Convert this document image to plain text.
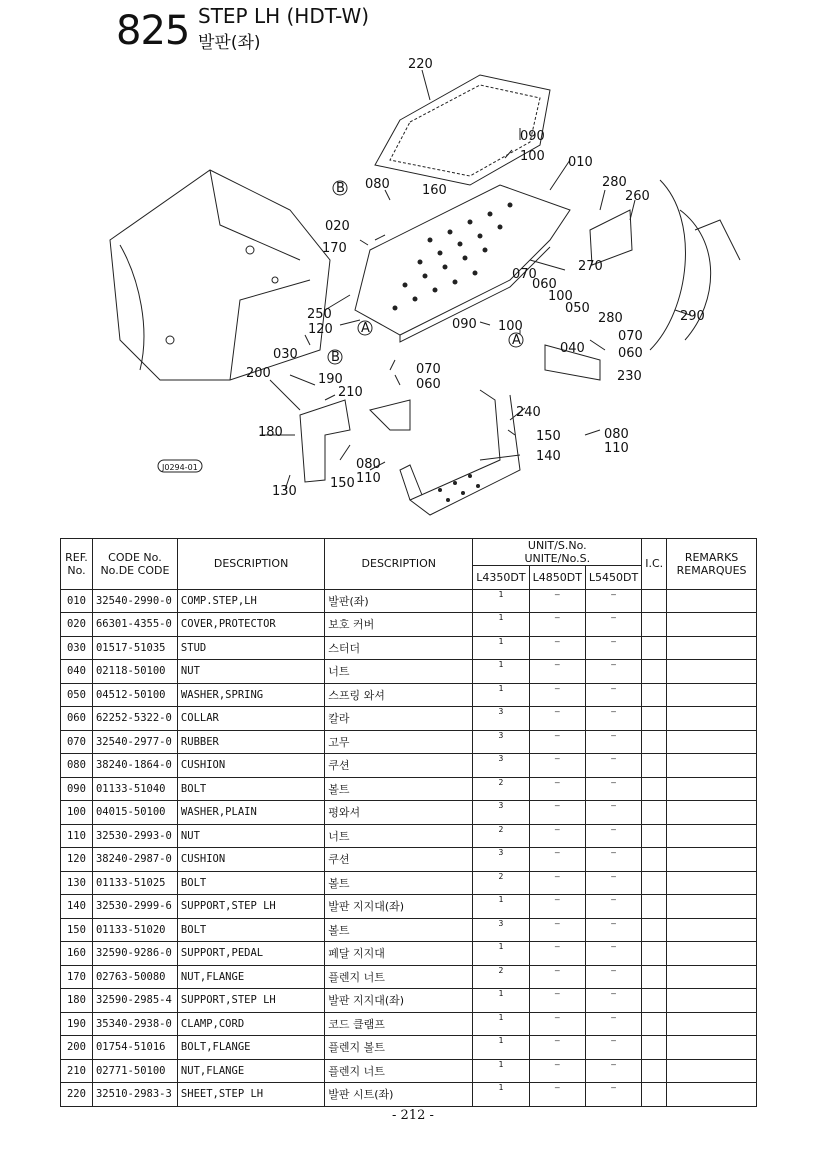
825 STEP LH (HDT-W)
발판(좌)
220
090
100 010
280
260
080 160
020
170
270
070
060
100
050
250
120	090 100
040
070
280
060
290
030
230
200	190
070
060
210
240
180	150	080
110
140
150
080
110
130
B
A
A
B
J0294-01
REF.
No.	CODE No.
No.DE CODE	DESCRIPTION	DESCRIPTION	UNIT/S.No.
UNITE/No.S.			I.C.	REMARKS
REMARQUES
				L4350DT	L4850DT	L5450DT		
010	32540-2990-0	COMP.STEP,LH	발판(좌)	1	—	—		
020	66301-4355-0	COVER,PROTECTOR	보호 커버	1	—	—		
030	01517-51035	STUD	스터더	1	—	—		
040	02118-50100	NUT	너트	1	—	—		
050	04512-50100	WASHER,SPRING	스프링 와셔	1	—	—		
060	62252-5322-0	COLLAR	칼라	3	—	—		
070	32540-2977-0	RUBBER	고무	3	—	—		
080	38240-1864-0	CUSHION	쿠션	3	—	—		
090	01133-51040	BOLT	볼트	2	—	—		
100	04015-50100	WASHER,PLAIN	평와셔	3	—	—		
110	32530-2993-0	NUT	너트	2	—	—		
120	38240-2987-0	CUSHION	쿠션	3	—	—		
130	01133-51025	BOLT	볼트	2	—	—		
140	32530-2999-6	SUPPORT,STEP LH	발판 지지대(좌)	1	—	—		
150	01133-51020	BOLT	볼트	3	—	—		
160	32590-9286-0	SUPPORT,PEDAL	페달 지지대	1	—	—		
170	02763-50080	NUT,FLANGE	플렌지 너트	2	—	—		
180	32590-2985-4	SUPPORT,STEP LH	발판 지지대(좌)	1	—	—		
190	35340-2938-0	CLAMP,CORD	코드 클램프	1	—	—		
200	01754-51016	BOLT,FLANGE	플렌지 볼트	1	—	—		
210	02771-50100	NUT,FLANGE	플렌지 너트	1	—	—		
220	32510-2983-3	SHEET,STEP LH	발판 시트(좌)	1	—	—		
- 212 -
